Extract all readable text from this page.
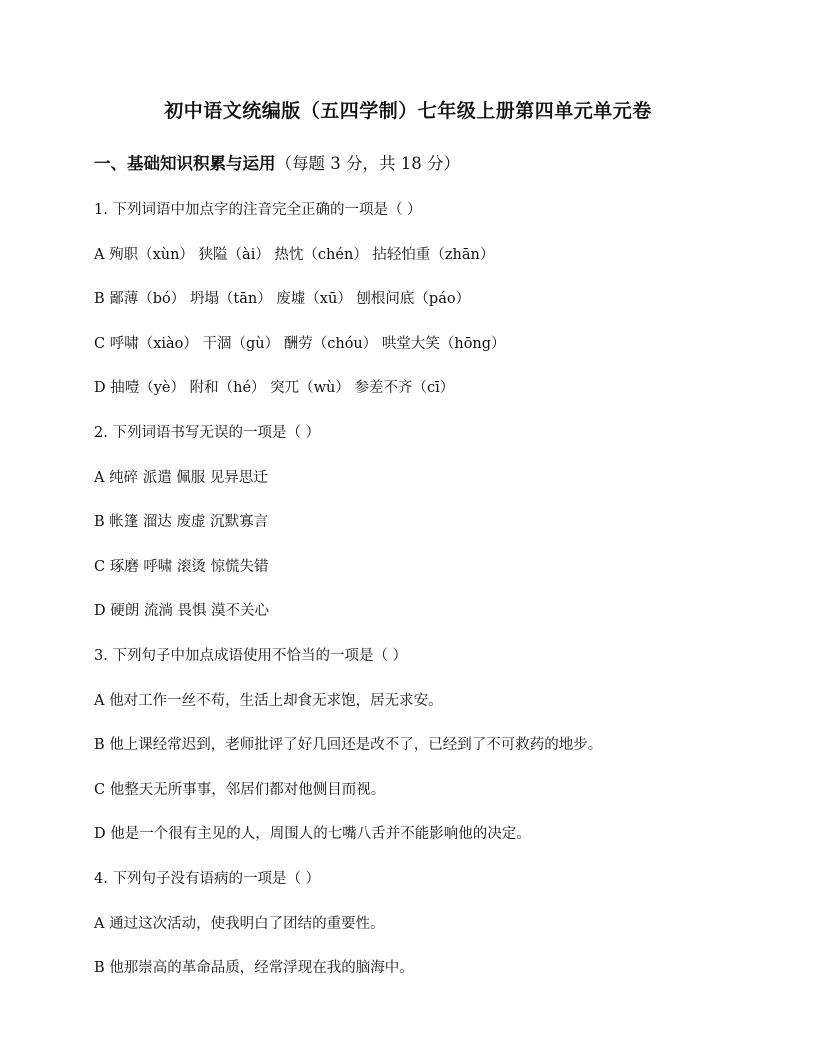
初中语文统编版（五四学制）七年级上册第四单元单元卷
一、基础知识积累与运用（每题 3 分，共 18 分）
1. 下列词语中加点字的注音完全正确的一项是（ ）
A 殉职（xùn） 狭隘（ài） 热忱（chén） 拈轻怕重（zhān）
B 鄙薄（bó） 坍塌（tān） 废墟（xū） 刨根问底（páo）
C 呼啸（xiào） 干涸（gù） 酬劳（chóu） 哄堂大笑（hōng）
D 抽噎（yè） 附和（hé） 突兀（wù） 参差不齐（cī）
2. 下列词语书写无误的一项是（ ）
A 纯碎 派遣 佩服 见异思迁
B 帐篷 溜达 废虚 沉默寡言
C 琢磨 呼啸 滚烫 惊慌失错
D 硬朗 流淌 畏惧 漠不关心
3. 下列句子中加点成语使用不恰当的一项是（ ）
A 他对工作一丝不苟，生活上却食无求饱，居无求安。
B 他上课经常迟到，老师批评了好几回还是改不了，已经到了不可救药的地步。
C 他整天无所事事，邻居们都对他侧目而视。
D 他是一个很有主见的人，周围人的七嘴八舌并不能影响他的决定。
4. 下列句子没有语病的一项是（ ）
A 通过这次活动，使我明白了团结的重要性。
B 他那崇高的革命品质，经常浮现在我的脑海中。
